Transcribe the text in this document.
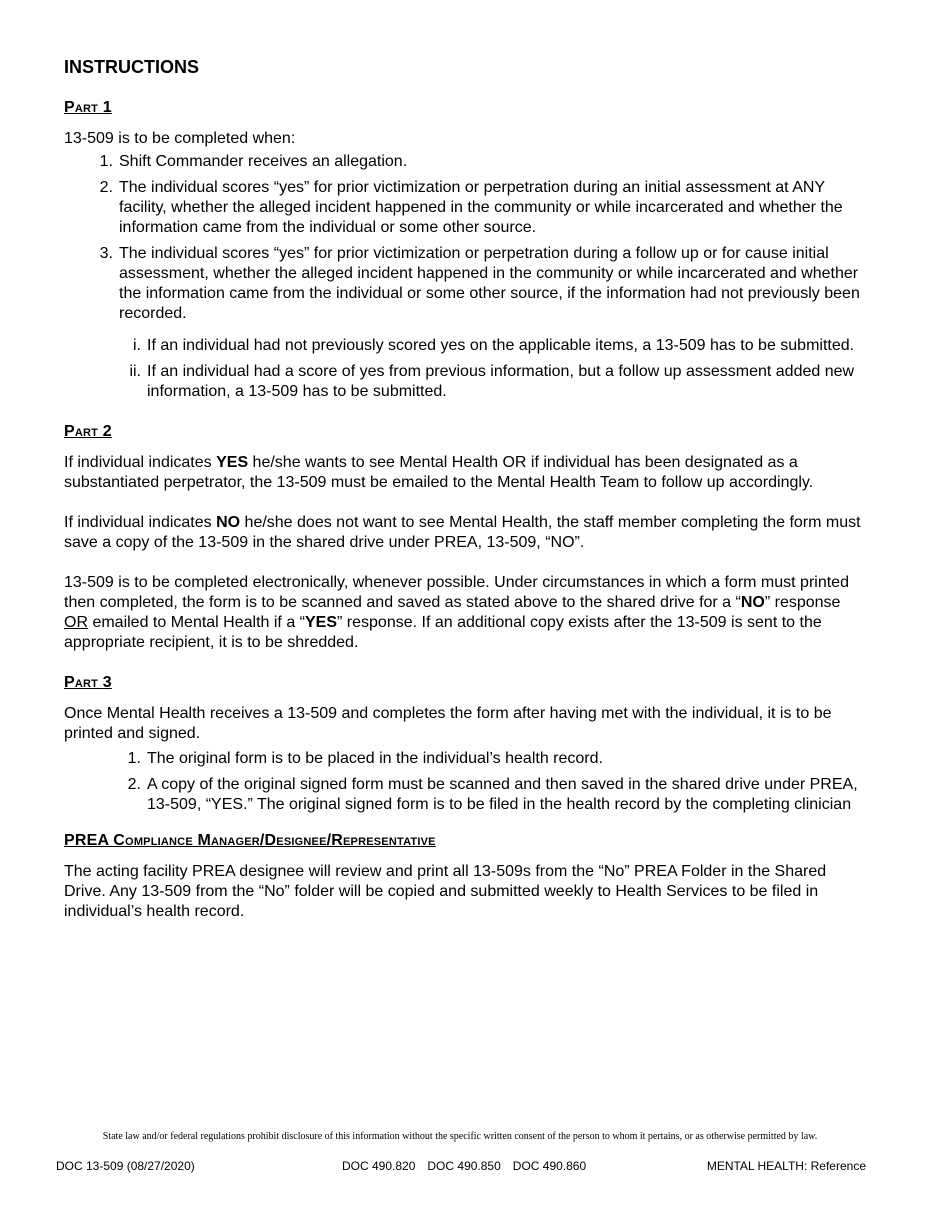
INSTRUCTIONS
Part 1

13-509 is to be completed when:

1. Shift Commander receives an allegation.
2. The individual scores “yes” for prior victimization or perpetration during an initial assessment at ANY facility, whether the alleged incident happened in the community or while incarcerated and whether the information came from the individual or some other source.
3. The individual scores “yes” for prior victimization or perpetration during a follow up or for cause initial assessment, whether the alleged incident happened in the community or while incarcerated and whether the information came from the individual or some other source, if the information had not previously been recorded.
i. If an individual had not previously scored yes on the applicable items, a 13-509 has to be submitted.
ii. If an individual had a score of yes from previous information, but a follow up assessment added new information, a 13-509 has to be submitted.
Part 2

If individual indicates YES he/she wants to see Mental Health OR if individual has been designated as a substantiated perpetrator, the 13-509 must be emailed to the Mental Health Team to follow up accordingly.

If individual indicates NO he/she does not want to see Mental Health, the staff member completing the form must save a copy of the 13-509 in the shared drive under PREA, 13-509, “NO”.

13-509 is to be completed electronically, whenever possible. Under circumstances in which a form must printed then completed, the form is to be scanned and saved as stated above to the shared drive for a “NO” response OR emailed to Mental Health if a “YES” response. If an additional copy exists after the 13-509 is sent to the appropriate recipient, it is to be shredded.

Part 3

Once Mental Health receives a 13-509 and completes the form after having met with the individual, it is to be printed and signed.

1. The original form is to be placed in the individual’s health record.
2. A copy of the original signed form must be scanned and then saved in the shared drive under PREA, 13-509, “YES.” The original signed form is to be filed in the health record by the completing clinician
PREA Compliance Manager/Designee/Representative

The acting facility PREA designee will review and print all 13-509s from the “No” PREA Folder in the Shared Drive. Any 13-509 from the “No” folder will be copied and submitted weekly to Health Services to be filed in individual’s health record.

State law and/or federal regulations prohibit disclosure of this information without the specific written consent of the person to whom it pertains, or as otherwise permitted by law.
DOC 13-509 (08/27/2020)	DOC 490.820 DOC 490.850 DOC 490.860	MENTAL HEALTH: Reference
